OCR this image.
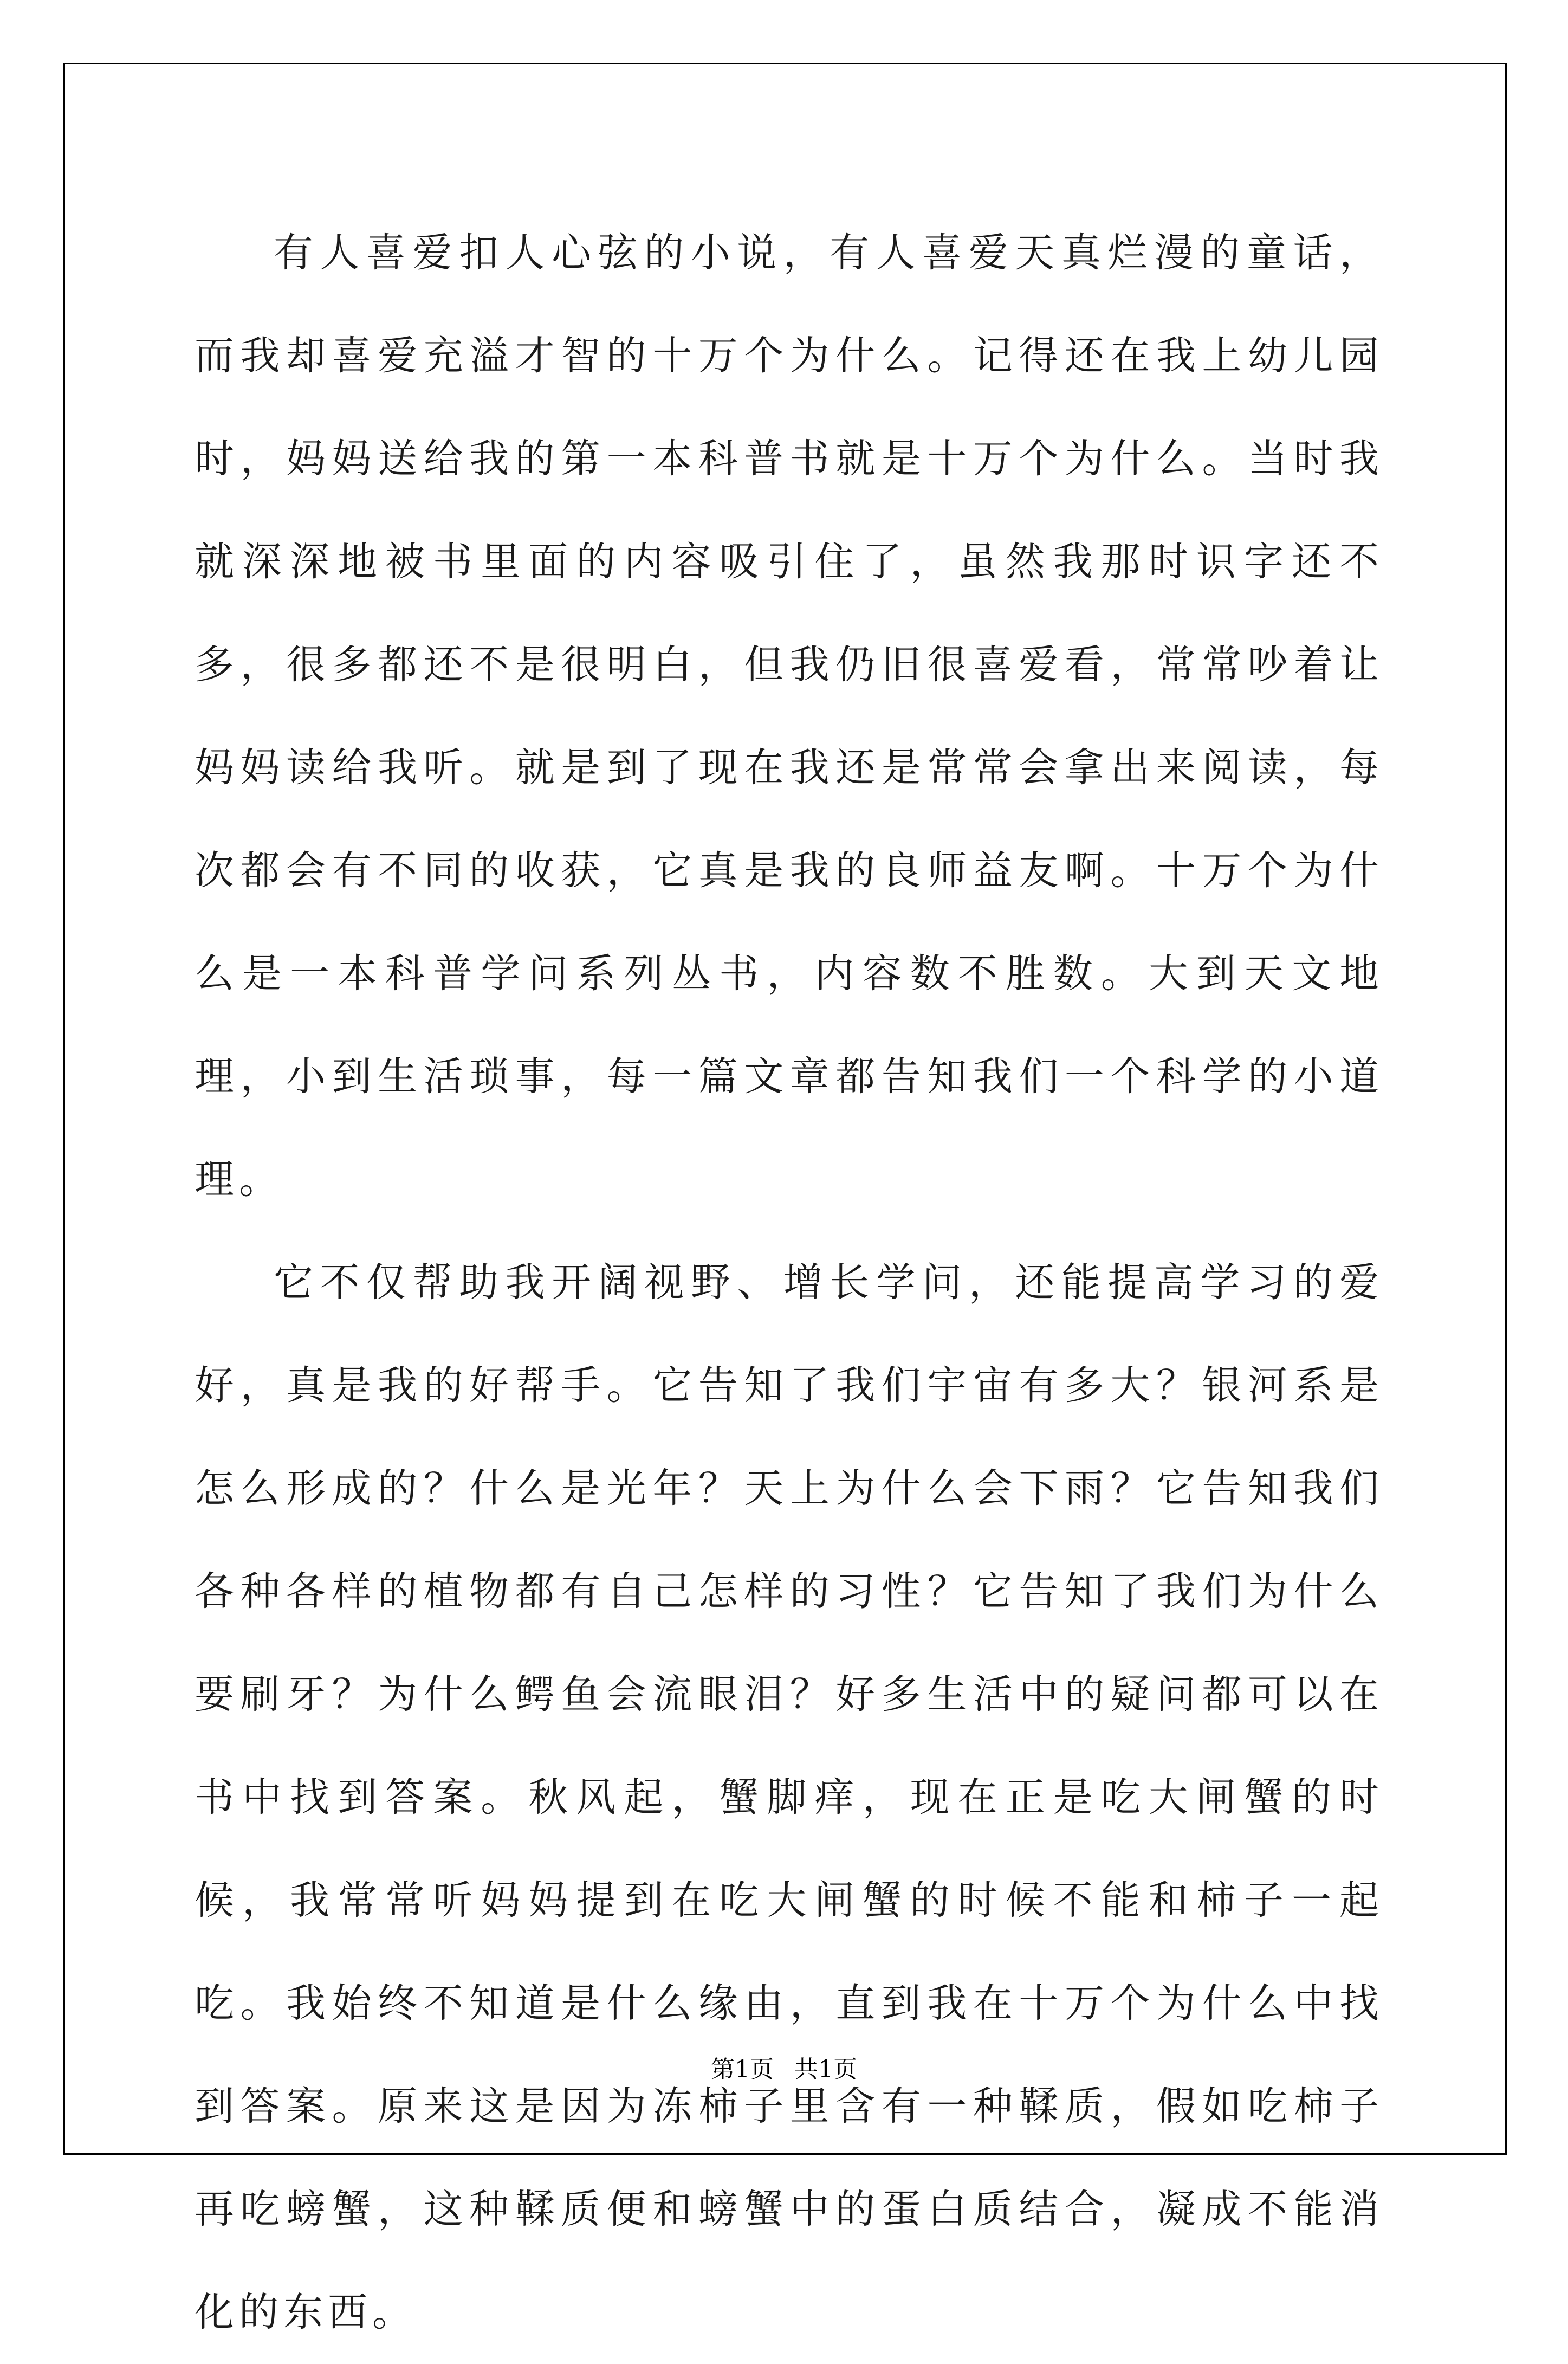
有人喜爱扣人心弦的小说，有人喜爱天真烂漫的童话，而我却喜爱充溢才智的十万个为什么。记得还在我上幼儿园时，妈妈送给我的第一本科普书就是十万个为什么。当时我就深深地被书里面的内容吸引住了，虽然我那时识字还不多，很多都还不是很明白，但我仍旧很喜爱看，常常吵着让妈妈读给我听。就是到了现在我还是常常会拿出来阅读，每次都会有不同的收获，它真是我的良师益友啊。十万个为什么是一本科普学问系列丛书，内容数不胜数。大到天文地理，小到生活琐事，每一篇文章都告知我们一个科学的小道理。

它不仅帮助我开阔视野、增长学问，还能提高学习的爱好，真是我的好帮手。它告知了我们宇宙有多大？银河系是怎么形成的？什么是光年？天上为什么会下雨？它告知我们各种各样的植物都有自己怎样的习性？它告知了我们为什么要刷牙？为什么鳄鱼会流眼泪？好多生活中的疑问都可以在书中找到答案。秋风起，蟹脚痒，现在正是吃大闸蟹的时候，我常常听妈妈提到在吃大闸蟹的时候不能和柿子一起吃。我始终不知道是什么缘由，直到我在十万个为什么中找到答案。原来这是因为冻柿子里含有一种鞣质，假如吃柿子再吃螃蟹，这种鞣质便和螃蟹中的蛋白质结合，凝成不能消化的东西。

第1页 共1页
